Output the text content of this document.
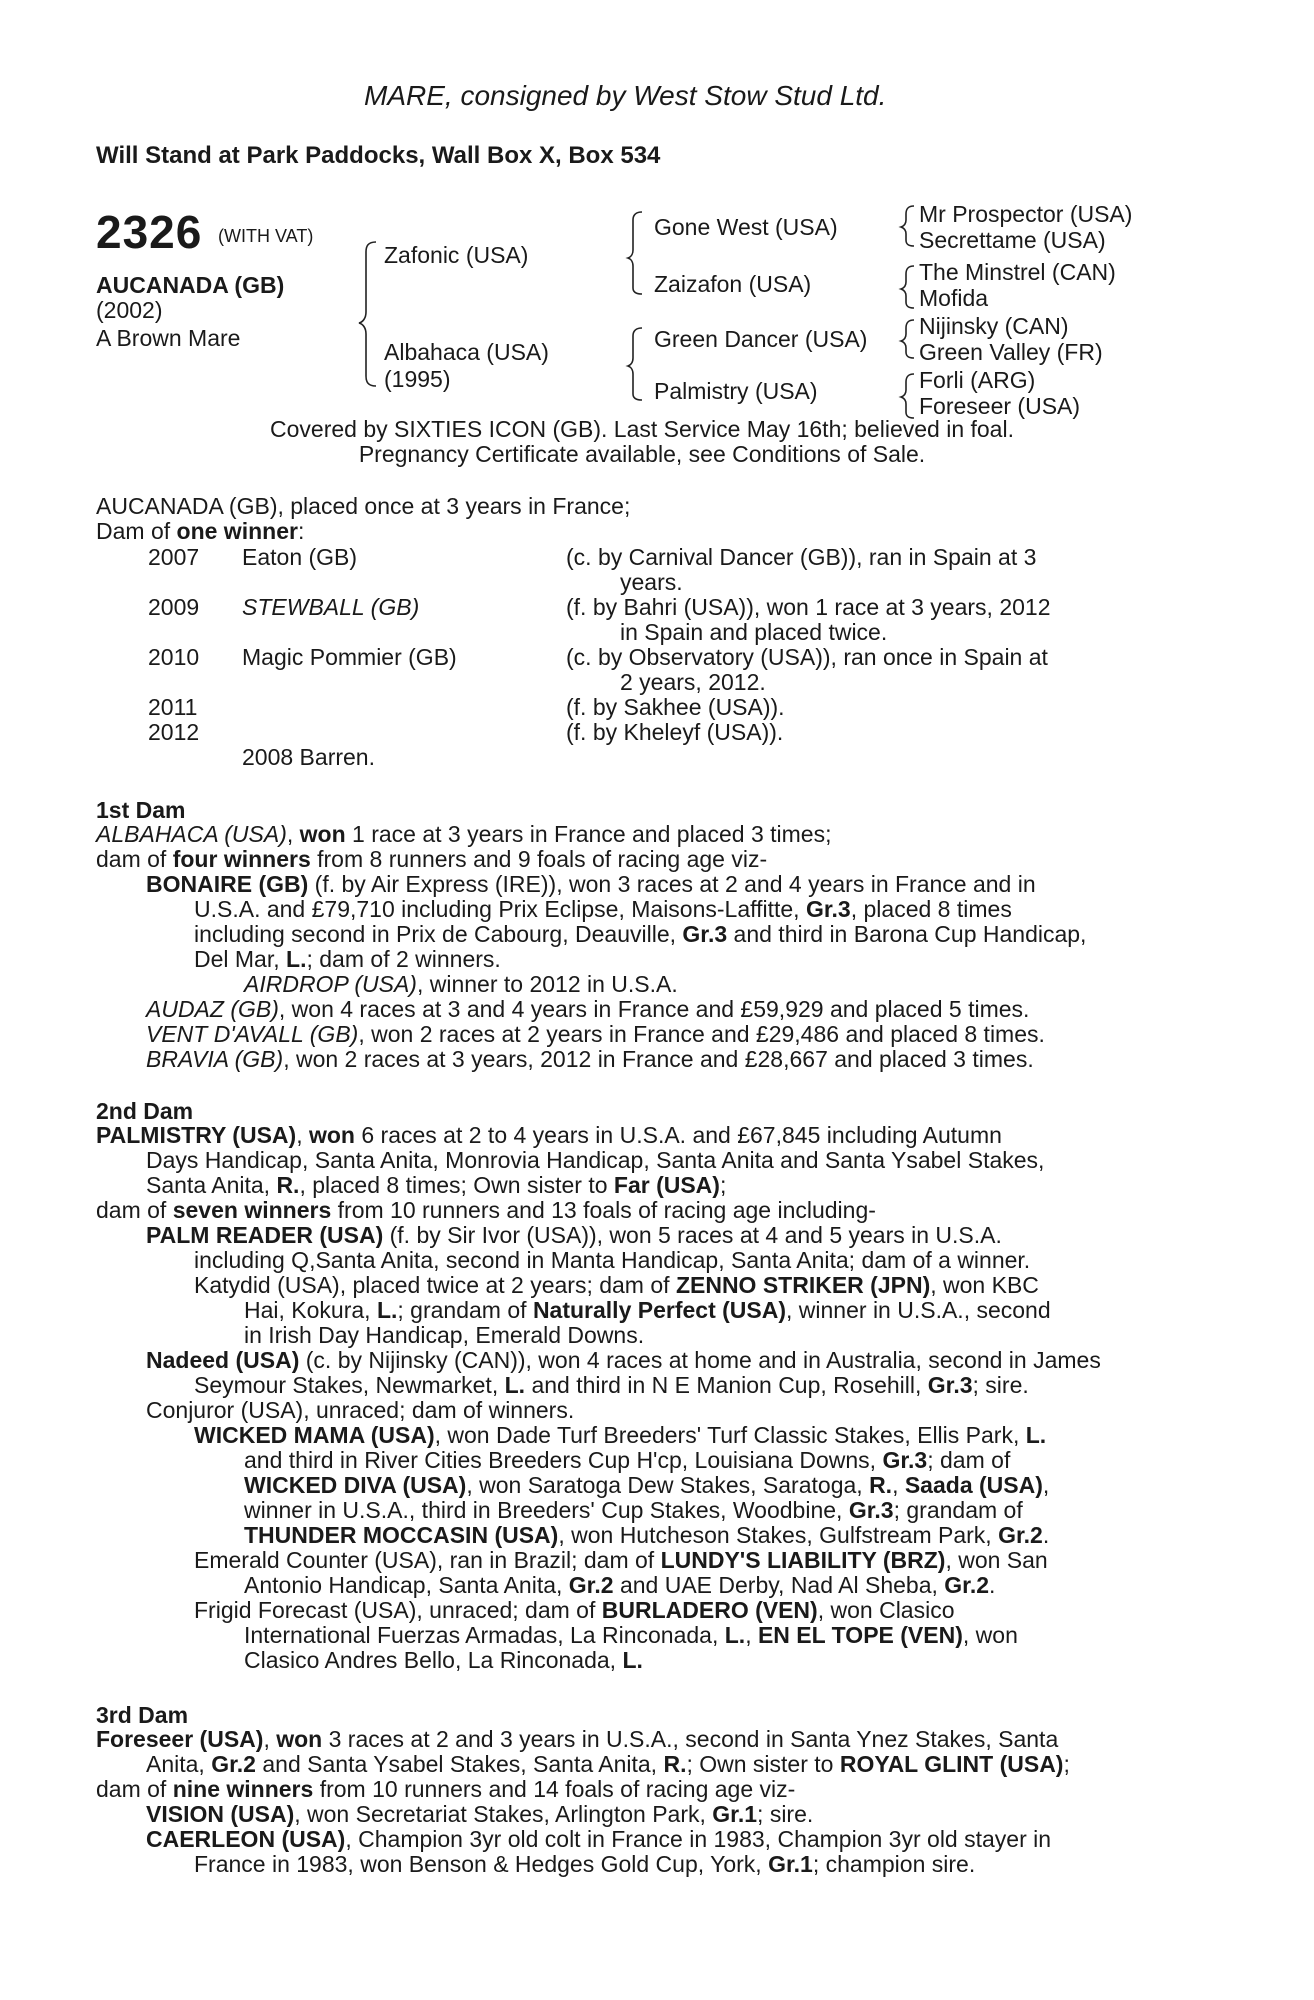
MARE, consigned by West Stow Stud Ltd.
Will Stand at Park Paddocks, Wall Box X, Box 534
2326 (WITH VAT)
AUCANADA (GB)
(2002)
A Brown Mare
Zafonic (USA)
Albahaca (USA)
(1995)
Gone West (USA)
Zaizafon (USA)
Green Dancer (USA)
Palmistry (USA)
Mr Prospector (USA)
Secrettame (USA)
The Minstrel (CAN)
Mofida
Nijinsky (CAN)
Green Valley (FR)
Forli (ARG)
Foreseer (USA)
Covered by SIXTIES ICON (GB). Last Service May 16th; believed in foal.
Pregnancy Certificate available, see Conditions of Sale.
AUCANADA (GB), placed once at 3 years in France;
Dam of one winner:
2007 Eaton (GB)	(c. by Carnival Dancer (GB)), ran in Spain at 3
years.
2009 STEWBALL (GB)	(f. by Bahri (USA)), won 1 race at 3 years, 2012
in Spain and placed twice.
2010 Magic Pommier (GB)	(c. by Observatory (USA)), ran once in Spain at
2 years, 2012.
2011	(f. by Sakhee (USA)).
2012	(f. by Kheleyf (USA)).
2008 Barren.
1st Dam
ALBAHACA (USA), won 1 race at 3 years in France and placed 3 times;
dam of four winners from 8 runners and 9 foals of racing age viz-
BONAIRE (GB) (f. by Air Express (IRE)), won 3 races at 2 and 4 years in France and in
U.S.A. and £79,710 including Prix Eclipse, Maisons-Laffitte, Gr.3, placed 8 times
including second in Prix de Cabourg, Deauville, Gr.3 and third in Barona Cup Handicap,
Del Mar, L.; dam of 2 winners.
AIRDROP (USA), winner to 2012 in U.S.A.
AUDAZ (GB), won 4 races at 3 and 4 years in France and £59,929 and placed 5 times.
VENT D'AVALL (GB), won 2 races at 2 years in France and £29,486 and placed 8 times.
BRAVIA (GB), won 2 races at 3 years, 2012 in France and £28,667 and placed 3 times.
2nd Dam
PALMISTRY (USA), won 6 races at 2 to 4 years in U.S.A. and £67,845 including Autumn
Days Handicap, Santa Anita, Monrovia Handicap, Santa Anita and Santa Ysabel Stakes,
Santa Anita, R., placed 8 times; Own sister to Far (USA);
dam of seven winners from 10 runners and 13 foals of racing age including-
PALM READER (USA) (f. by Sir Ivor (USA)), won 5 races at 4 and 5 years in U.S.A.
including Q,Santa Anita, second in Manta Handicap, Santa Anita; dam of a winner.
Katydid (USA), placed twice at 2 years; dam of ZENNO STRIKER (JPN), won KBC
Hai, Kokura, L.; grandam of Naturally Perfect (USA), winner in U.S.A., second
in Irish Day Handicap, Emerald Downs.
Nadeed (USA) (c. by Nijinsky (CAN)), won 4 races at home and in Australia, second in James
Seymour Stakes, Newmarket, L. and third in N E Manion Cup, Rosehill, Gr.3; sire.
Conjuror (USA), unraced; dam of winners.
WICKED MAMA (USA), won Dade Turf Breeders' Turf Classic Stakes, Ellis Park, L.
and third in River Cities Breeders Cup H'cp, Louisiana Downs, Gr.3; dam of
WICKED DIVA (USA), won Saratoga Dew Stakes, Saratoga, R., Saada (USA),
winner in U.S.A., third in Breeders' Cup Stakes, Woodbine, Gr.3; grandam of
THUNDER MOCCASIN (USA), won Hutcheson Stakes, Gulfstream Park, Gr.2.
Emerald Counter (USA), ran in Brazil; dam of LUNDY'S LIABILITY (BRZ), won San
Antonio Handicap, Santa Anita, Gr.2 and UAE Derby, Nad Al Sheba, Gr.2.
Frigid Forecast (USA), unraced; dam of BURLADERO (VEN), won Clasico
International Fuerzas Armadas, La Rinconada, L., EN EL TOPE (VEN), won
Clasico Andres Bello, La Rinconada, L.
3rd Dam
Foreseer (USA), won 3 races at 2 and 3 years in U.S.A., second in Santa Ynez Stakes, Santa
Anita, Gr.2 and Santa Ysabel Stakes, Santa Anita, R.; Own sister to ROYAL GLINT (USA);
dam of nine winners from 10 runners and 14 foals of racing age viz-
VISION (USA), won Secretariat Stakes, Arlington Park, Gr.1; sire.
CAERLEON (USA), Champion 3yr old colt in France in 1983, Champion 3yr old stayer in
France in 1983, won Benson & Hedges Gold Cup, York, Gr.1; champion sire.
